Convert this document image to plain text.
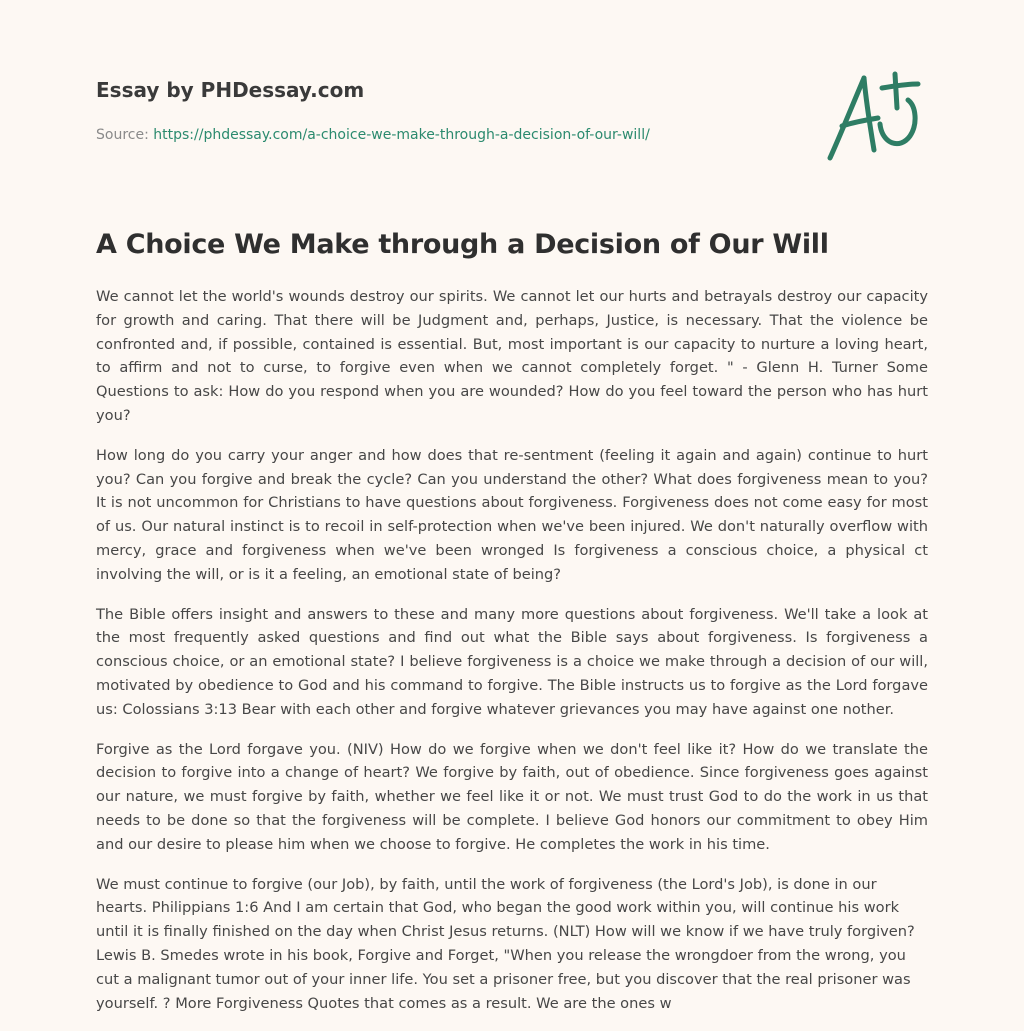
Essay by PHDessay.com
Source: https://phdessay.com/a-choice-we-make-through-a-decision-of-our-will/
A Choice We Make through a Decision of Our Will

We cannot let the world's wounds destroy our spirits. We cannot let our hurts and betrayals destroy our capacity for growth and caring. That there will be Judgment and, perhaps, Justice, is necessary. That the violence be confronted and, if possible, contained is essential. But, most important is our capacity to nurture a loving heart, to affirm and not to curse, to forgive even when we cannot completely forget. " - Glenn H. Turner Some Questions to ask: How do you respond when you are wounded? How do you feel toward the person who has hurt you?

How long do you carry your anger and how does that re-sentment (feeling it again and again) continue to hurt you? Can you forgive and break the cycle? Can you understand the other? What does forgiveness mean to you? It is not uncommon for Christians to have questions about forgiveness. Forgiveness does not come easy for most of us. Our natural instinct is to recoil in self-protection when we've been injured. We don't naturally overflow with mercy, grace and forgiveness when we've been wronged Is forgiveness a conscious choice, a physical ct involving the will, or is it a feeling, an emotional state of being?

The Bible offers insight and answers to these and many more questions about forgiveness. We'll take a look at the most frequently asked questions and find out what the Bible says about forgiveness. Is forgiveness a conscious choice, or an emotional state? I believe forgiveness is a choice we make through a decision of our will, motivated by obedience to God and his command to forgive. The Bible instructs us to forgive as the Lord forgave us: Colossians 3:13 Bear with each other and forgive whatever grievances you may have against one nother.

Forgive as the Lord forgave you. (NIV) How do we forgive when we don't feel like it? How do we translate the decision to forgive into a change of heart? We forgive by faith, out of obedience. Since forgiveness goes against our nature, we must forgive by faith, whether we feel like it or not. We must trust God to do the work in us that needs to be done so that the forgiveness will be complete. I believe God honors our commitment to obey Him and our desire to please him when we choose to forgive. He completes the work in his time.

We must continue to forgive (our Job), by faith, until the work of forgiveness (the Lord's Job), is done in our hearts. Philippians 1:6 And I am certain that God, who began the good work within you, will continue his work until it is finally finished on the day when Christ Jesus returns. (NLT) How will we know if we have truly forgiven? Lewis B. Smedes wrote in his book, Forgive and Forget, "When you release the wrongdoer from the wrong, you cut a malignant tumor out of your inner life. You set a prisoner free, but you discover that the real prisoner was yourself. ? More Forgiveness Quotes that comes as a result. We are the ones w
